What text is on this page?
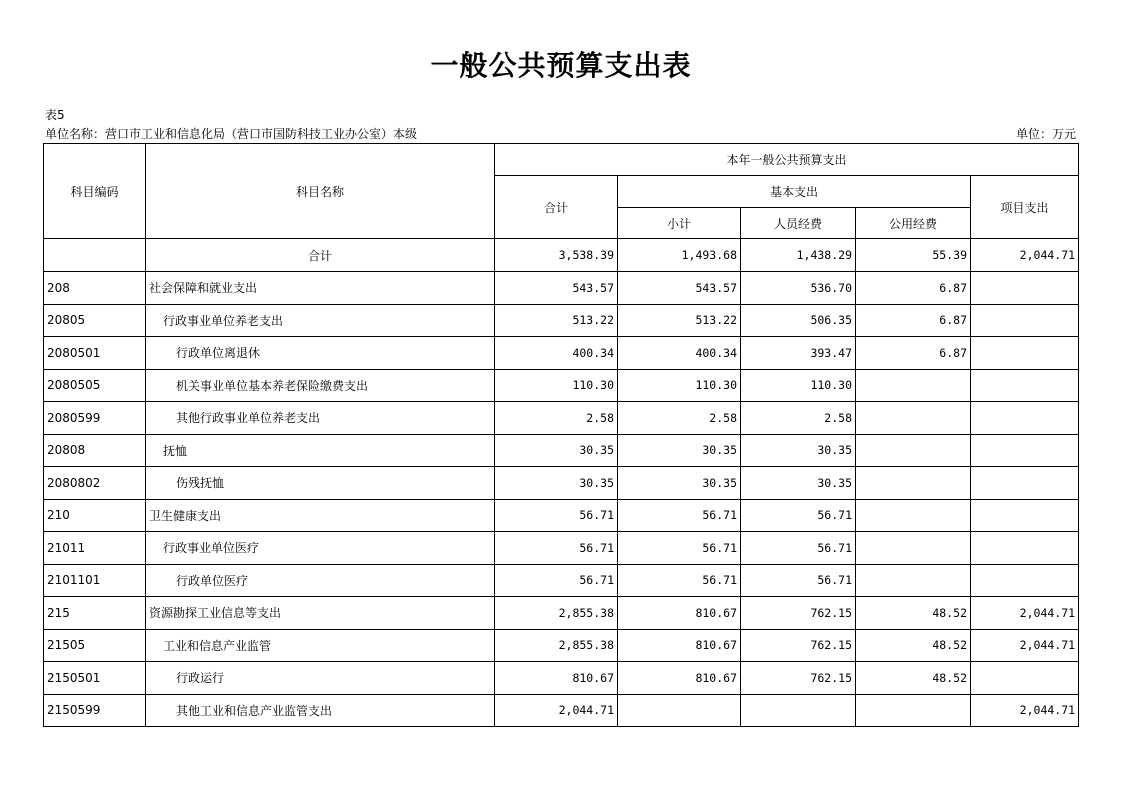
一般公共预算支出表
表5
单位名称：营口市工业和信息化局（营口市国防科技工业办公室）本级	单位：万元
科目编码	科目名称	本年一般公共预算支出				
		合计	基本支出			项目支出
			小计	人员经费	公用经费	
	合计	3,538.39	1,493.68	1,438.29	55.39	2,044.71
208	社会保障和就业支出	543.57	543.57	536.70	6.87	
20805	行政事业单位养老支出	513.22	513.22	506.35	6.87	
2080501	行政单位离退休	400.34	400.34	393.47	6.87	
2080505	机关事业单位基本养老保险缴费支出	110.30	110.30	110.30		
2080599	其他行政事业单位养老支出	2.58	2.58	2.58		
20808	抚恤	30.35	30.35	30.35		
2080802	伤残抚恤	30.35	30.35	30.35		
210	卫生健康支出	56.71	56.71	56.71		
21011	行政事业单位医疗	56.71	56.71	56.71		
2101101	行政单位医疗	56.71	56.71	56.71		
215	资源勘探工业信息等支出	2,855.38	810.67	762.15	48.52	2,044.71
21505	工业和信息产业监管	2,855.38	810.67	762.15	48.52	2,044.71
2150501	行政运行	810.67	810.67	762.15	48.52	
2150599	其他工业和信息产业监管支出	2,044.71				2,044.71
